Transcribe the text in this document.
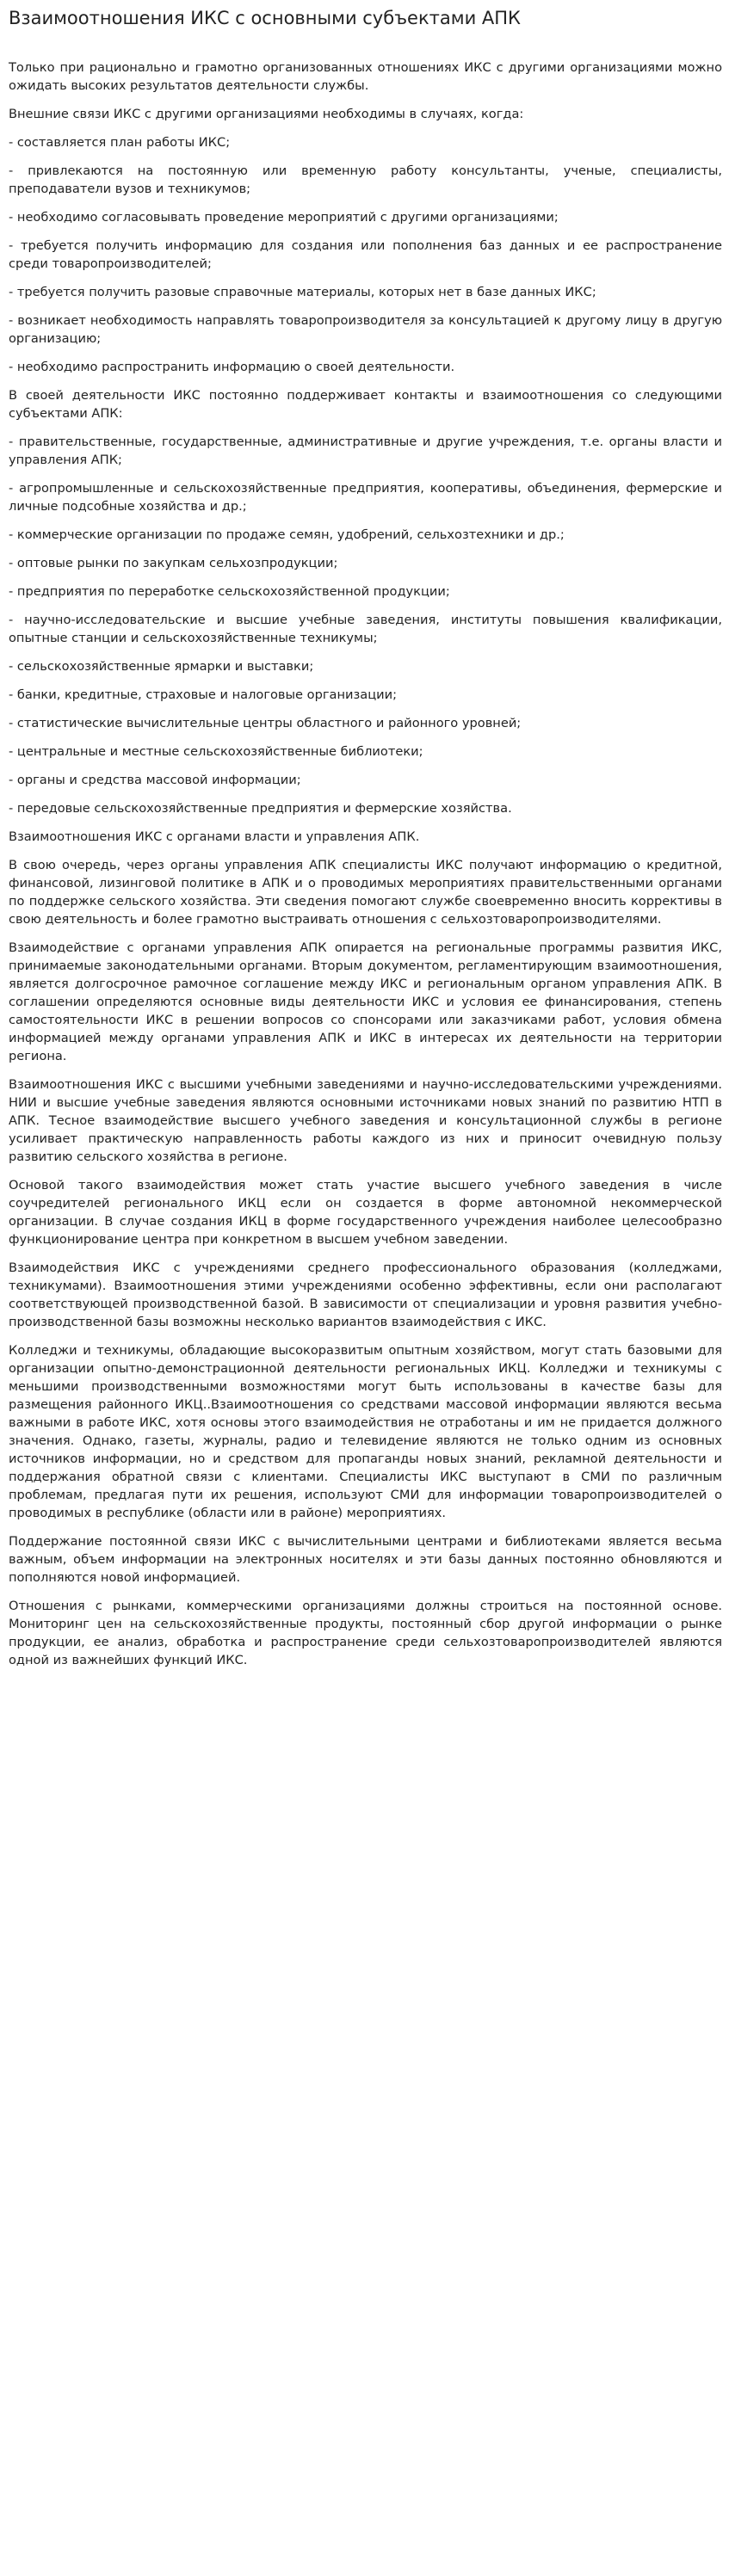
Взаимоотношения ИКС с основными субъектами АПК

Только при рационально и грамотно организованных отношениях ИКС с другими организациями можно ожидать высоких результатов деятельности службы.

Внешние связи ИКС с другими организациями необходимы в случаях, когда:

- составляется план работы ИКС;

- привлекаются на постоянную или временную работу консультанты, ученые, специалисты, преподаватели вузов и техникумов;

- необходимо согласовывать проведение мероприятий с другими организациями;

- требуется получить информацию для создания или пополнения баз данных и ее распространение среди товаропроизводителей;

- требуется получить разовые справочные материалы, которых нет в базе данных ИКС;

- возникает необходимость направлять товаропроизводителя за консультацией к другому лицу в другую организацию;

- необходимо распространить информацию о своей деятельности.

В своей деятельности ИКС постоянно поддерживает контакты и взаимоотношения со следующими субъектами АПК:

- правительственные, государственные, административные и другие учреждения, т.е. органы власти и управления АПК;

- агропромышленные и сельскохозяйственные предприятия, кооперативы, объединения, фермерские и личные подсобные хозяйства и др.;

- коммерческие организации по продаже семян, удобрений, сельхозтехники и др.;

- оптовые рынки по закупкам сельхозпродукции;

- предприятия по переработке сельскохозяйственной продукции;

- научно-исследовательские и высшие учебные заведения, институты повышения квалификации, опытные станции и сельскохозяйственные техникумы;

- сельскохозяйственные ярмарки и выставки;

- банки, кредитные, страховые и налоговые организации;

- статистические вычислительные центры областного и районного уровней;

- центральные и местные сельскохозяйственные библиотеки;

- органы и средства массовой информации;

- передовые сельскохозяйственные предприятия и фермерские хозяйства.

Взаимоотношения ИКС с органами власти и управления АПК.

В свою очередь, через органы управления АПК специалисты ИКС получают информацию о кредитной, финансовой, лизинговой политике в АПК и о проводимых мероприятиях правительственными органами по поддержке сельского хозяйства. Эти сведения помогают службе своевременно вносить коррективы в свою деятельность и более грамотно выстраивать отношения с сельхозтоваропроизводителями.

Взаимодействие с органами управления АПК опирается на региональные программы развития ИКС, принимаемые законодательными органами. Вторым документом, регламентирующим взаимоотношения, является долгосрочное рамочное соглашение между ИКС и региональным органом управления АПК. В соглашении определяются основные виды деятельности ИКС и условия ее финансирования, степень самостоятельности ИКС в решении вопросов со спонсорами или заказчиками работ, условия обмена информацией между органами управления АПК и ИКС в интересах их деятельности на территории региона.

Взаимоотношения ИКС с высшими учебными заведениями и научно-исследовательскими учреждениями. НИИ и высшие учебные заведения являются основными источниками новых знаний по развитию НТП в АПК. Тесное взаимодействие высшего учебного заведения и консультационной службы в регионе усиливает практическую направленность работы каждого из них и приносит очевидную пользу развитию сельского хозяйства в регионе.

Основой такого взаимодействия может стать участие высшего учебного заведения в числе соучредителей регионального ИКЦ если он создается в форме автономной некоммерческой организации. В случае создания ИКЦ в форме государственного учреждения наиболее целесообразно функционирование центра при конкретном в высшем учебном заведении.

Взаимодействия ИКС с учреждениями среднего профессионального образования (колледжами, техникумами). Взаимоотношения этими учреждениями особенно эффективны, если они располагают соответствующей производственной базой. В зависимости от специализации и уровня развития учебно-производственной базы возможны несколько вариантов взаимодействия с ИКС.

Колледжи и техникумы, обладающие высокоразвитым опытным хозяйством, могут стать базовыми для организации опытно-демонстрационной деятельности региональных ИКЦ. Колледжи и техникумы с меньшими производственными возможностями могут быть использованы в качестве базы для размещения районного ИКЦ..Взаимоотношения со средствами массовой информации являются весьма важными в работе ИКС, хотя основы этого взаимодействия не отработаны и им не придается должного значения. Однако, газеты, журналы, радио и телевидение являются не только одним из основных источников информации, но и средством для пропаганды новых знаний, рекламной деятельности и поддержания обратной связи с клиентами. Специалисты ИКС выступают в СМИ по различным проблемам, предлагая пути их решения, используют СМИ для информации товаропроизводителей о проводимых в республике (области или в районе) мероприятиях.

Поддержание постоянной связи ИКС с вычислительными центрами и библиотеками является весьма важным, объем информации на электронных носителях и эти базы данных постоянно обновляются и пополняются новой информацией.

Отношения с рынками, коммерческими организациями должны строиться на постоянной основе. Мониторинг цен на сельскохозяйственные продукты, постоянный сбор другой информации о рынке продукции, ее анализ, обработка и распространение среди сельхозтоваропроизводителей являются одной из важнейших функций ИКС.
